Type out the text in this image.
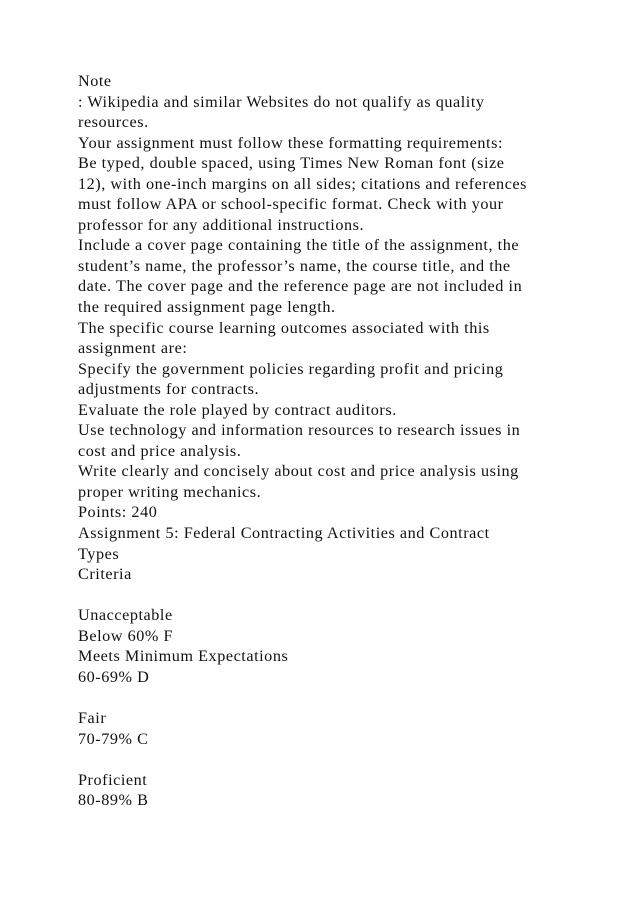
Note
: Wikipedia and similar Websites do not qualify as quality
resources.
Your assignment must follow these formatting requirements:
Be typed, double spaced, using Times New Roman font (size
12), with one-inch margins on all sides; citations and references
must follow APA or school-specific format. Check with your
professor for any additional instructions.
Include a cover page containing the title of the assignment, the
student’s name, the professor’s name, the course title, and the
date. The cover page and the reference page are not included in
the required assignment page length.
The specific course learning outcomes associated with this
assignment are:
Specify the government policies regarding profit and pricing
adjustments for contracts.
Evaluate the role played by contract auditors.
Use technology and information resources to research issues in
cost and price analysis.
Write clearly and concisely about cost and price analysis using
proper writing mechanics.
Points: 240
Assignment 5: Federal Contracting Activities and Contract
Types
Criteria
Unacceptable
Below 60% F
Meets Minimum Expectations
60-69% D
Fair
70-79% C
Proficient
80-89% B
